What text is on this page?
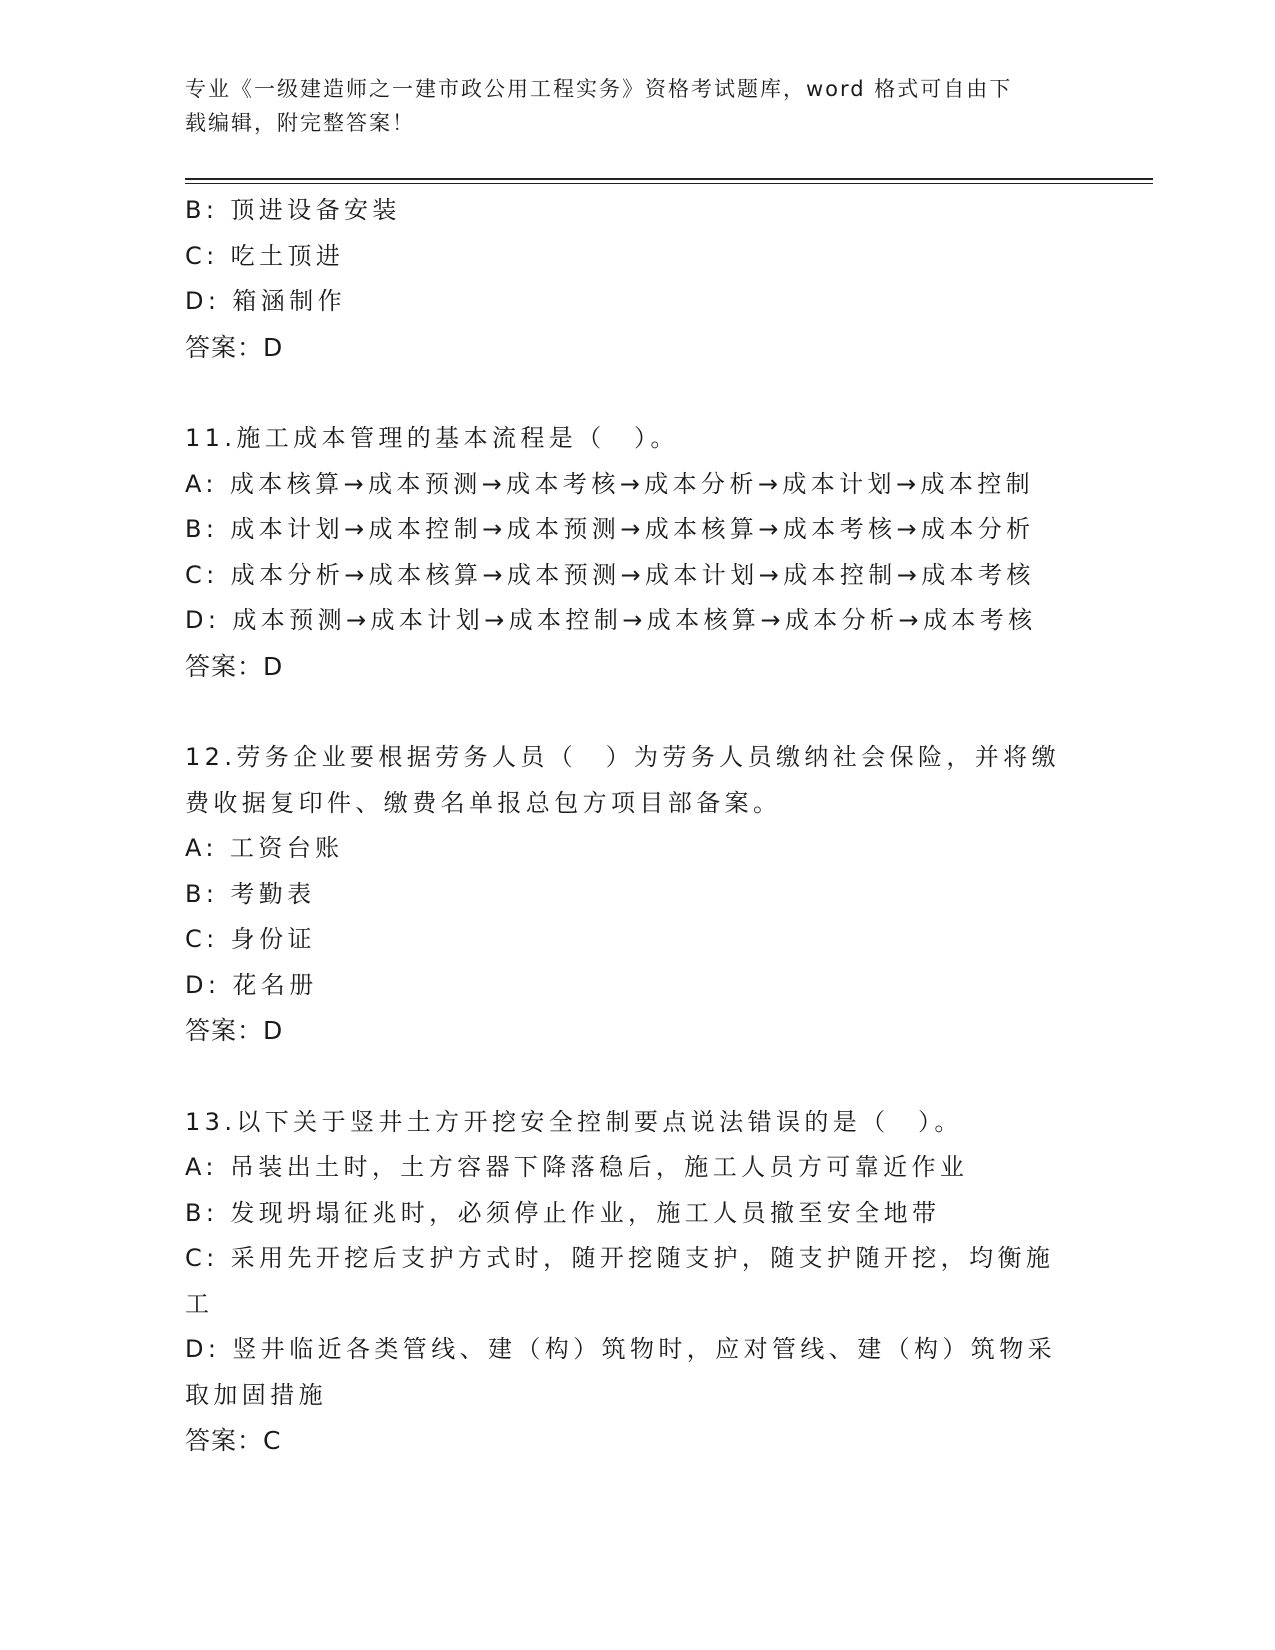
专业《一级建造师之一建市政公用工程实务》资格考试题库，word 格式可自由下
载编辑，附完整答案！
B: 顶进设备安装
C: 吃土顶进
D: 箱涵制作
答案：D
11.施工成本管理的基本流程是（　）。
A: 成本核算→成本预测→成本考核→成本分析→成本计划→成本控制
B: 成本计划→成本控制→成本预测→成本核算→成本考核→成本分析
C: 成本分析→成本核算→成本预测→成本计划→成本控制→成本考核
D: 成本预测→成本计划→成本控制→成本核算→成本分析→成本考核
答案：D
12.劳务企业要根据劳务人员（　）为劳务人员缴纳社会保险，并将缴
费收据复印件、缴费名单报总包方项目部备案。
A: 工资台账
B: 考勤表
C: 身份证
D: 花名册
答案：D
13.以下关于竖井土方开挖安全控制要点说法错误的是（　）。
A: 吊装出土时，土方容器下降落稳后，施工人员方可靠近作业
B: 发现坍塌征兆时，必须停止作业，施工人员撤至安全地带
C: 采用先开挖后支护方式时，随开挖随支护，随支护随开挖，均衡施
工
D: 竖井临近各类管线、建（构）筑物时，应对管线、建（构）筑物采
取加固措施
答案：C
